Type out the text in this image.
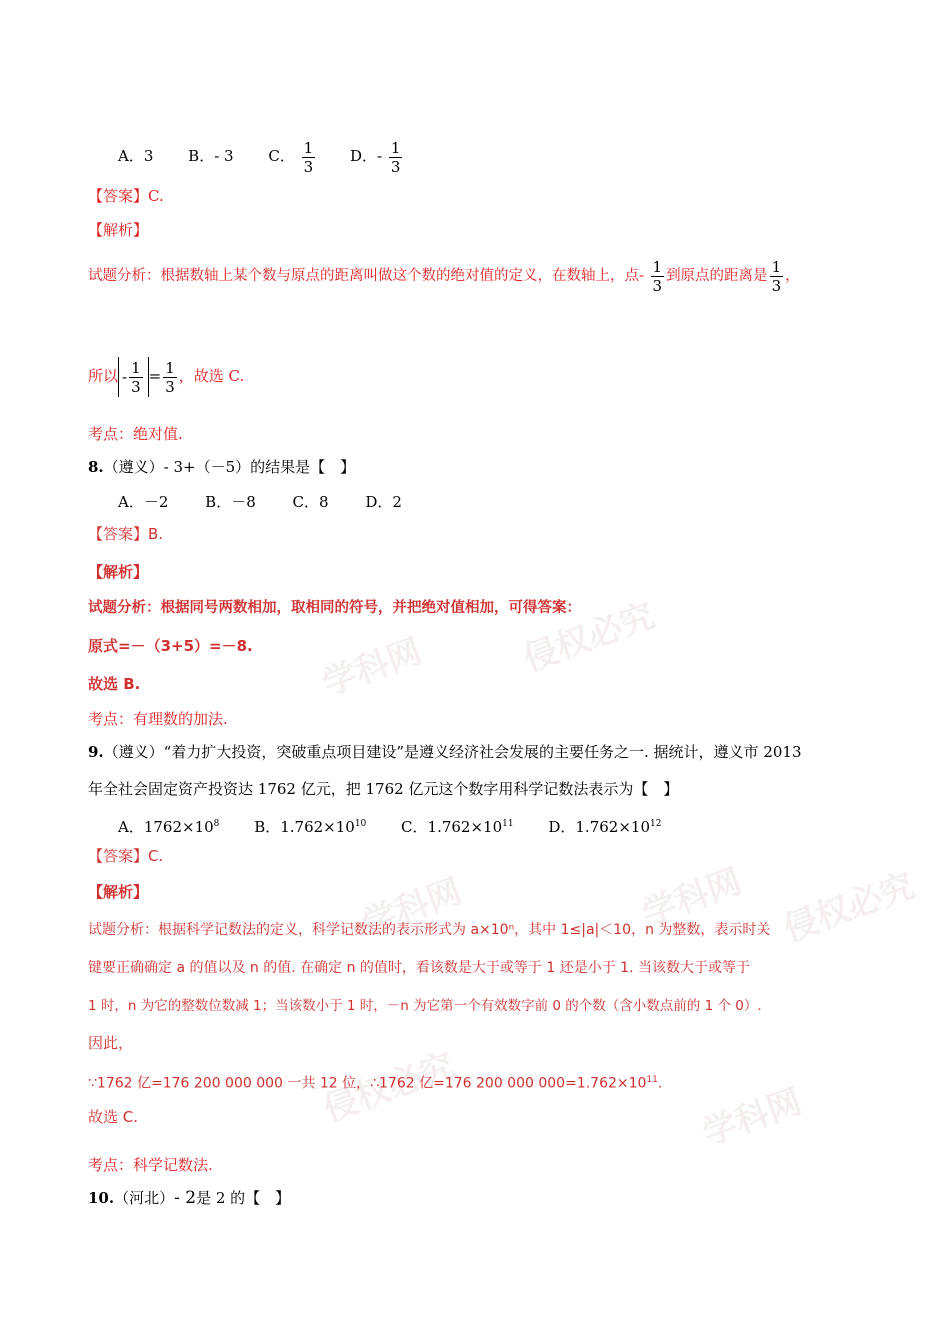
学科网	侵权必究
学科网	学科网 侵权必究
侵权必究	学科网
A．3 B．- 3 C． $\frac{1}{3}$ D．- $\frac{1}{3}$
【答案】C.
【解析】
试题分析：根据数轴上某个数与原点的距离叫做这个数的绝对值的定义，在数轴上，点- $\frac{1}{3}$ 到原点的距离是 $\frac{1}{3}$ ，
所以 - $\frac{1}{3} = \frac{1}{3}$ ，故选 C.
考点：绝对值.
8.（遵义）- 3+（－5）的结果是【　】
A．－2 B．－8 C．8 D．2
【答案】B.
【解析】
试题分析：根据同号两数相加，取相同的符号，并把绝对值相加，可得答案：
原式=－（3+5）=－8.
故选 B.
考点：有理数的加法.
9.（遵义）“着力扩大投资，突破重点项目建设”是遵义经济社会发展的主要任务之一. 据统计，遵义市 2013
年全社会固定资产投资达 1762 亿元，把 1762 亿元这个数字用科学记数法表示为【　】
A．$1762\times 10^8$ B．$1.762\times 10^{10}$ C．$1.762\times 10^{11}$ D．$1.762\times 10^{12}$
【答案】C.
【解析】
试题分析：根据科学记数法的定义，科学记数法的表示形式为 a×10ⁿ，其中 1≤|a|＜10，n 为整数，表示时关
键要正确确定 a 的值以及 n 的值. 在确定 n 的值时，看该数是大于或等于 1 还是小于 1. 当该数大于或等于
1 时，n 为它的整数位数减 1；当该数小于 1 时，－n 为它第一个有效数字前 0 的个数（含小数点前的 1 个 0）.
因此，
∵1762 亿=176 200 000 000 一共 12 位，∴1762 亿=176 200 000 $000=1.762\times 10^{11}$.
故选 C.
考点：科学记数法.
10.（河北）- 2是 2 的【　】
